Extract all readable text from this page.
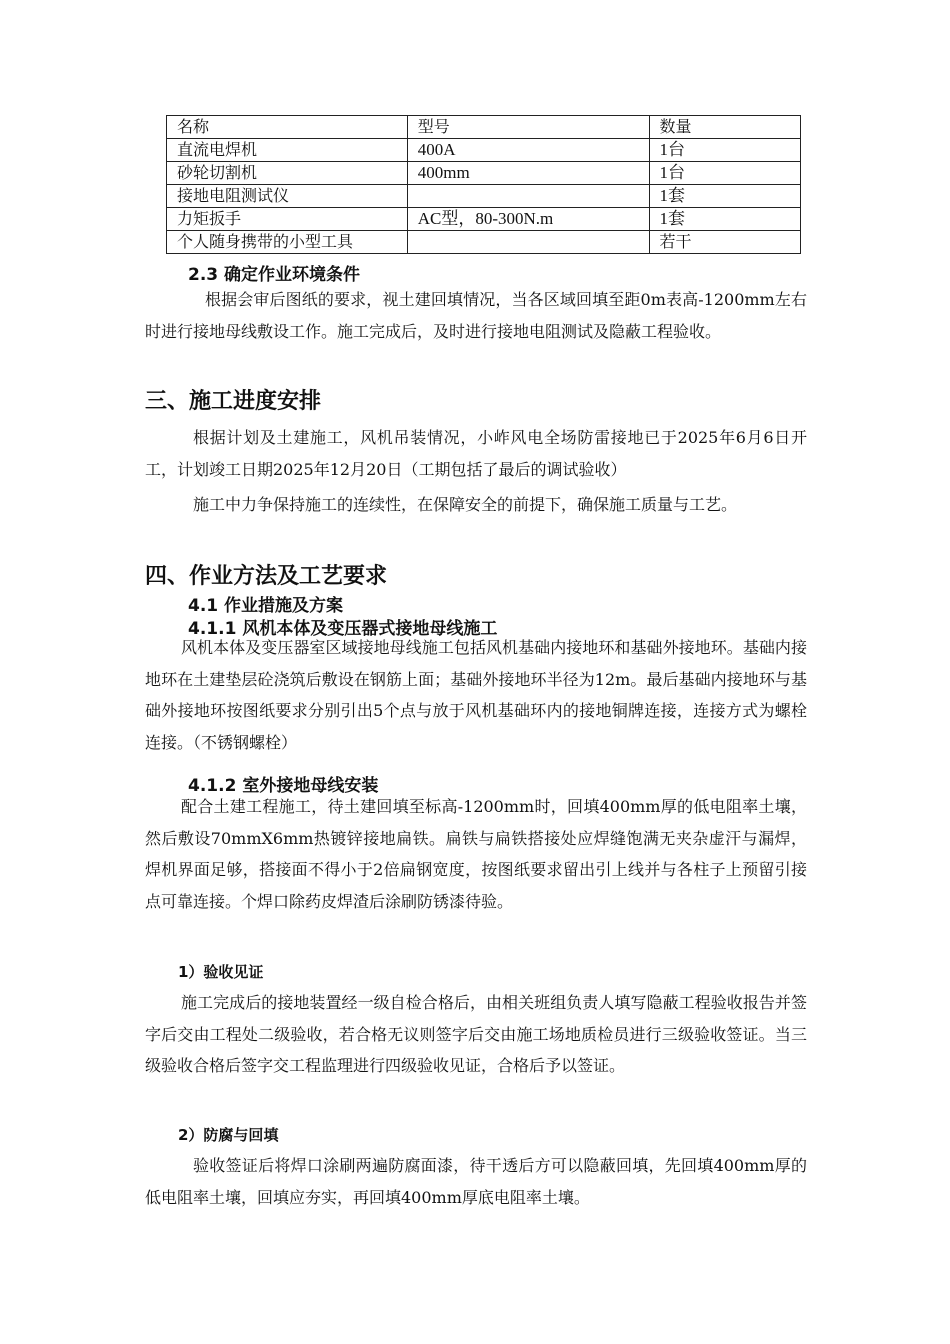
名称	型号	数量
直流电焊机	400A	1台
砂轮切割机	400mm	1台
接地电阻测试仪		1套
力矩扳手	AC型，80-300N.m	1套
个人随身携带的小型工具		若干
2.3 确定作业环境条件
根据会审后图纸的要求，视土建回填情况，当各区域回填至距0m表高-1200mm左右时进行接地母线敷设工作。施工完成后，及时进行接地电阻测试及隐蔽工程验收。
三、施工进度安排
根据计划及土建施工，风机吊装情况，小岞风电全场防雷接地已于2025年6月6日开工，计划竣工日期2025年12月20日（工期包括了最后的调试验收）
施工中力争保持施工的连续性，在保障安全的前提下，确保施工质量与工艺。
四、作业方法及工艺要求
4.1 作业措施及方案
4.1.1 风机本体及变压器式接地母线施工
风机本体及变压器室区域接地母线施工包括风机基础内接地环和基础外接地环。基础内接地环在土建垫层砼浇筑后敷设在钢筋上面；基础外接地环半径为12m。最后基础内接地环与基础外接地环按图纸要求分别引出5个点与放于风机基础环内的接地铜牌连接，连接方式为螺栓连接。（不锈钢螺栓）
4.1.2 室外接地母线安装
配合土建工程施工，待土建回填至标高-1200mm时，回填400mm厚的低电阻率土壤，然后敷设70mmX6mm热镀锌接地扁铁。扁铁与扁铁搭接处应焊缝饱满无夹杂虚汗与漏焊，焊机界面足够，搭接面不得小于2倍扁钢宽度，按图纸要求留出引上线并与各柱子上预留引接点可靠连接。个焊口除药皮焊渣后涂刷防锈漆待验。
1）验收见证
施工完成后的接地装置经一级自检合格后，由相关班组负责人填写隐蔽工程验收报告并签字后交由工程处二级验收，若合格无议则签字后交由施工场地质检员进行三级验收签证。当三级验收合格后签字交工程监理进行四级验收见证，合格后予以签证。
2）防腐与回填
验收签证后将焊口涂刷两遍防腐面漆，待干透后方可以隐蔽回填，先回填400mm厚的低电阻率土壤，回填应夯实，再回填400mm厚底电阻率土壤。
